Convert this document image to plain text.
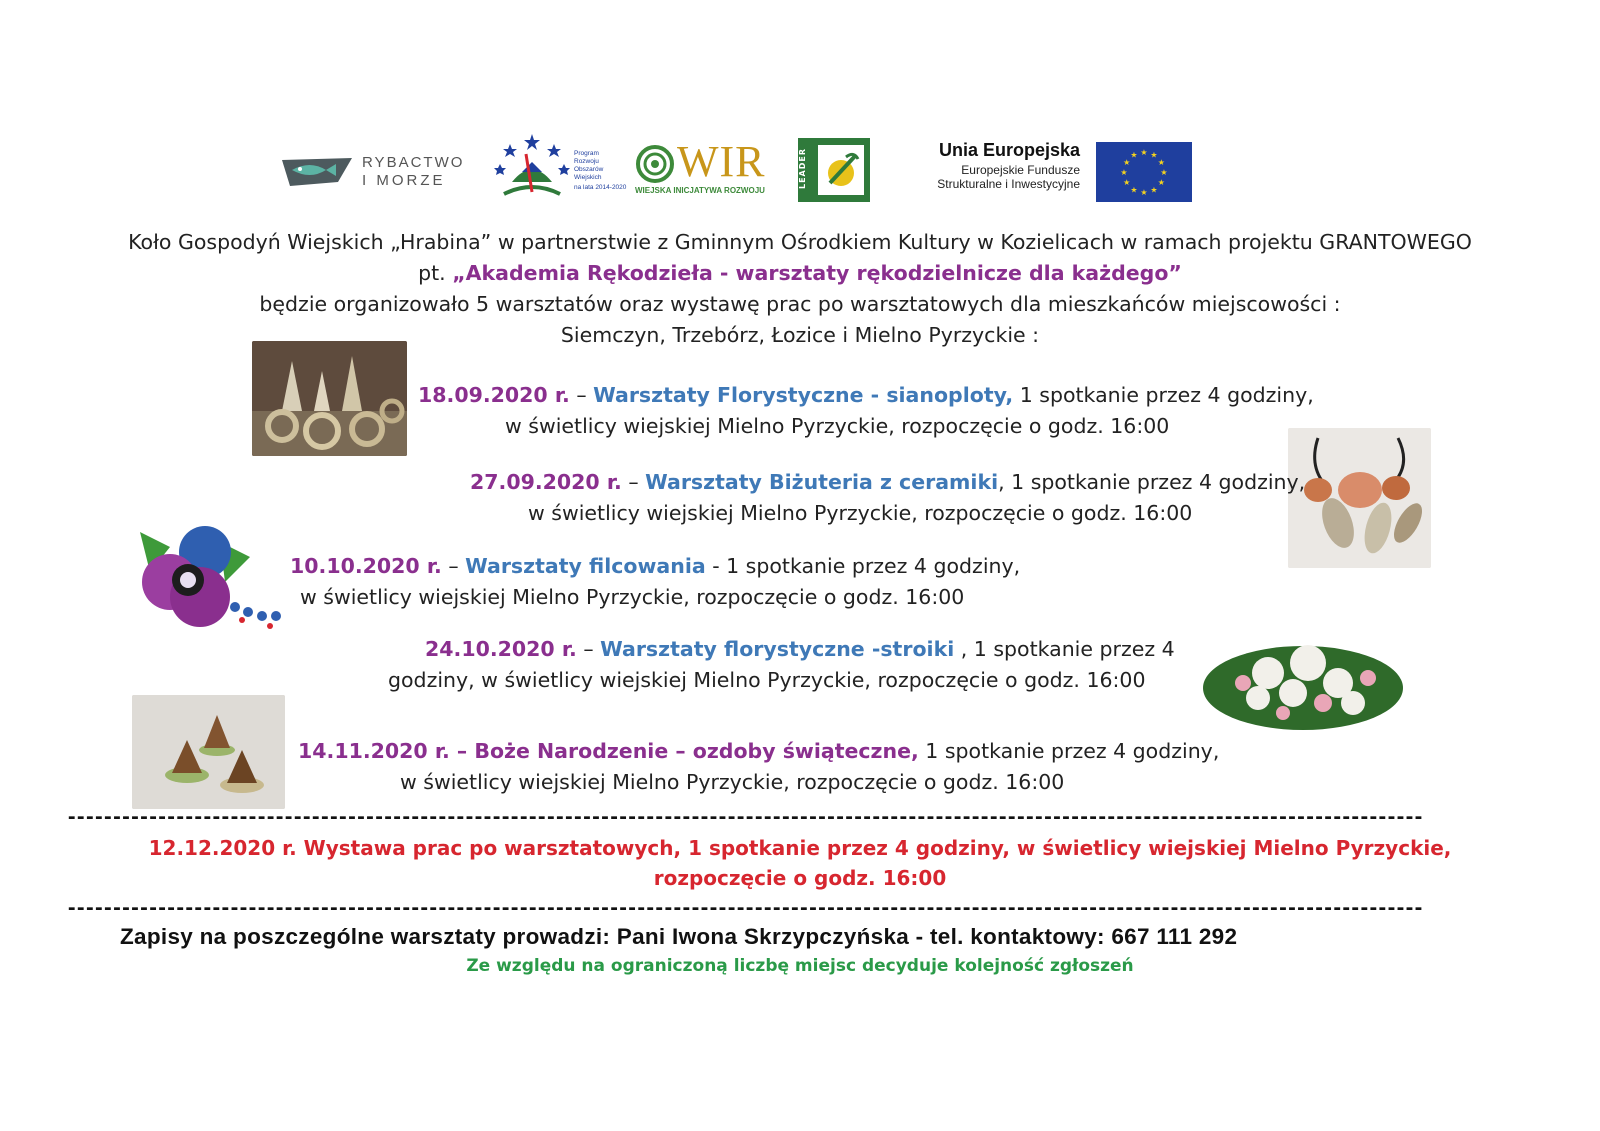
RYBACTWO
I MORZE
Program
Rozwoju
Obszarów
Wiejskich
na lata 2014-2020
WIR
WIEJSKA INICJATYWA ROZWOJU
LEADER	Unia Europejska
Europejskie Fundusze
Strukturalne i Inwestycyjne
★ ★
★
★
★
★
★
★
★
★
★
★
Koło Gospodyń Wiejskich „Hrabina” w partnerstwie z Gminnym Ośrodkiem Kultury w Kozielicach w ramach projektu GRANTOWEGO
pt. „Akademia Rękodzieła - warsztaty rękodzielnicze dla każdego”
będzie organizowało 5 warsztatów oraz wystawę prac po warsztatowych dla mieszkańców miejscowości :
Siemczyn, Trzebórz, Łozice i Mielno Pyrzyckie :
18.09.2020 r. – Warsztaty Florystyczne - sianoploty, 1 spotkanie przez 4 godziny,
w świetlicy wiejskiej Mielno Pyrzyckie, rozpoczęcie o godz. 16:00
27.09.2020 r. – Warsztaty Biżuteria z ceramiki, 1 spotkanie przez 4 godziny,
w świetlicy wiejskiej Mielno Pyrzyckie, rozpoczęcie o godz. 16:00
10.10.2020 r. – Warsztaty filcowania - 1 spotkanie przez 4 godziny,
w świetlicy wiejskiej Mielno Pyrzyckie, rozpoczęcie o godz. 16:00
24.10.2020 r. – Warsztaty florystyczne -stroiki , 1 spotkanie przez 4
godziny, w świetlicy wiejskiej Mielno Pyrzyckie, rozpoczęcie o godz. 16:00
14.11.2020 r. – Boże Narodzenie – ozdoby świąteczne, 1 spotkanie przez 4 godziny,
w świetlicy wiejskiej Mielno Pyrzyckie, rozpoczęcie o godz. 16:00
------------------------------------------------------------------------------------------------------------------------------------------------------
12.12.2020 r. Wystawa prac po warsztatowych, 1 spotkanie przez 4 godziny, w świetlicy wiejskiej Mielno Pyrzyckie,
rozpoczęcie o godz. 16:00
------------------------------------------------------------------------------------------------------------------------------------------------------
Zapisy na poszczególne warsztaty prowadzi: Pani Iwona Skrzypczyńska - tel. kontaktowy: 667 111 292
Ze względu na ograniczoną liczbę miejsc decyduje kolejność zgłoszeń
